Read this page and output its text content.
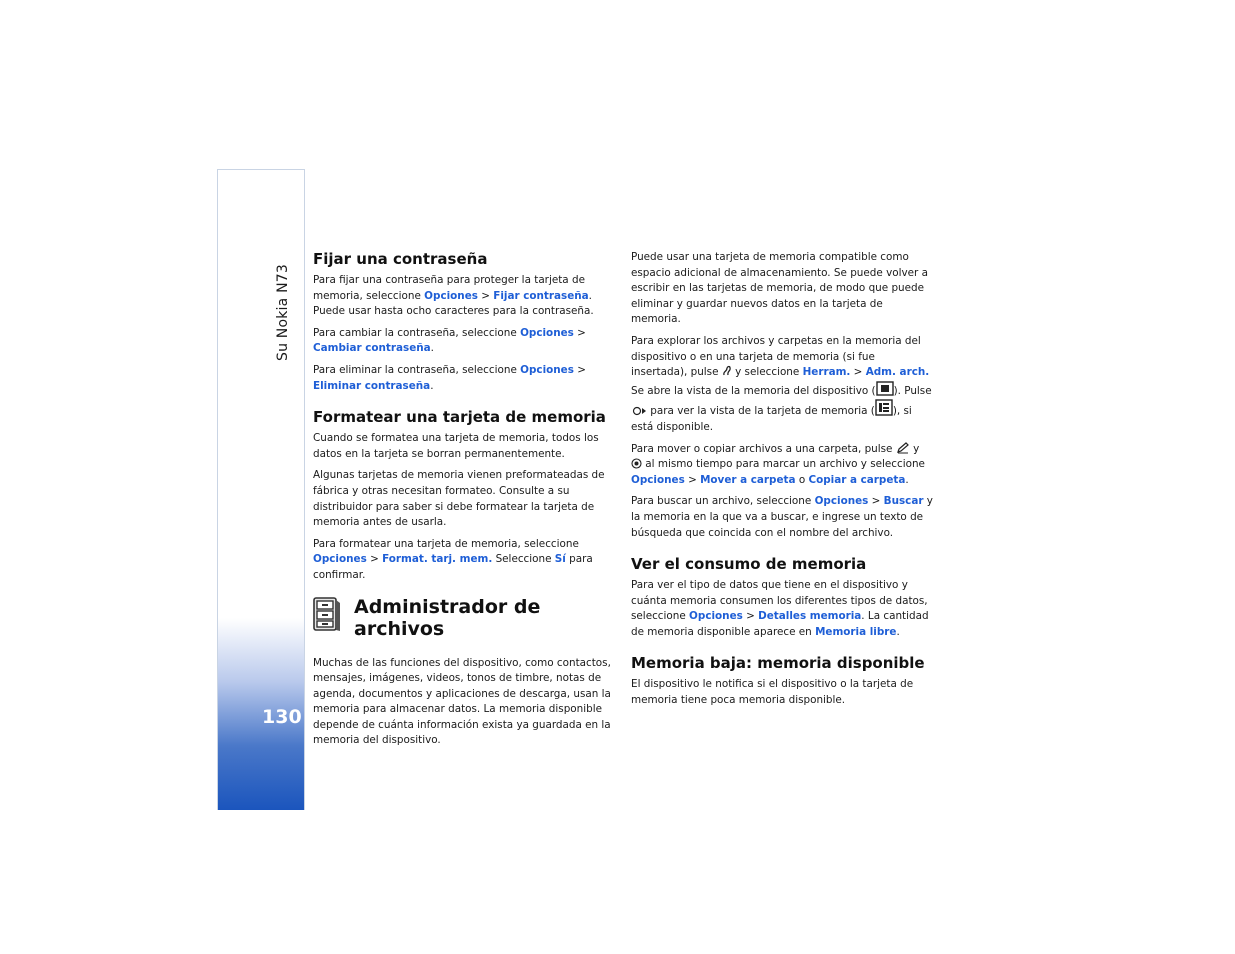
Su Nokia N73
130
Fijar una contraseña

Para fijar una contraseña para proteger la tarjeta de memoria, seleccione Opciones > Fijar contraseña. Puede usar hasta ocho caracteres para la contraseña.

Para cambiar la contraseña, seleccione Opciones > Cambiar contraseña.

Para eliminar la contraseña, seleccione Opciones > Eliminar contraseña.

Formatear una tarjeta de memoria

Cuando se formatea una tarjeta de memoria, todos los datos en la tarjeta se borran permanentemente.

Algunas tarjetas de memoria vienen preformateadas de fábrica y otras necesitan formateo. Consulte a su distribuidor para saber si debe formatear la tarjeta de memoria antes de usarla.

Para formatear una tarjeta de memoria, seleccione Opciones > Format. tarj. mem. Seleccione Sí para confirmar.

Administrador de archivos

Muchas de las funciones del dispositivo, como contactos, mensajes, imágenes, videos, tonos de timbre, notas de agenda, documentos y aplicaciones de descarga, usan la memoria para almacenar datos. La memoria disponible depende de cuánta información exista ya guardada en la memoria del dispositivo.

Puede usar una tarjeta de memoria compatible como espacio adicional de almacenamiento. Se puede volver a escribir en las tarjetas de memoria, de modo que puede eliminar y guardar nuevos datos en la tarjeta de memoria.

Para explorar los archivos y carpetas en la memoria del dispositivo o en una tarjeta de memoria (si fue insertada), pulse  y seleccione Herram. > Adm. arch. Se abre la vista de la memoria del dispositivo ( ). Pulse  para ver la vista de la tarjeta de memoria ( ), si está disponible.

Para mover o copiar archivos a una carpeta, pulse  y  al mismo tiempo para marcar un archivo y seleccione Opciones > Mover a carpeta o Copiar a carpeta.

Para buscar un archivo, seleccione Opciones > Buscar y la memoria en la que va a buscar, e ingrese un texto de búsqueda que coincida con el nombre del archivo.

Ver el consumo de memoria

Para ver el tipo de datos que tiene en el dispositivo y cuánta memoria consumen los diferentes tipos de datos, seleccione Opciones > Detalles memoria. La cantidad de memoria disponible aparece en Memoria libre.

Memoria baja: memoria disponible

El dispositivo le notifica si el dispositivo o la tarjeta de memoria tiene poca memoria disponible.
